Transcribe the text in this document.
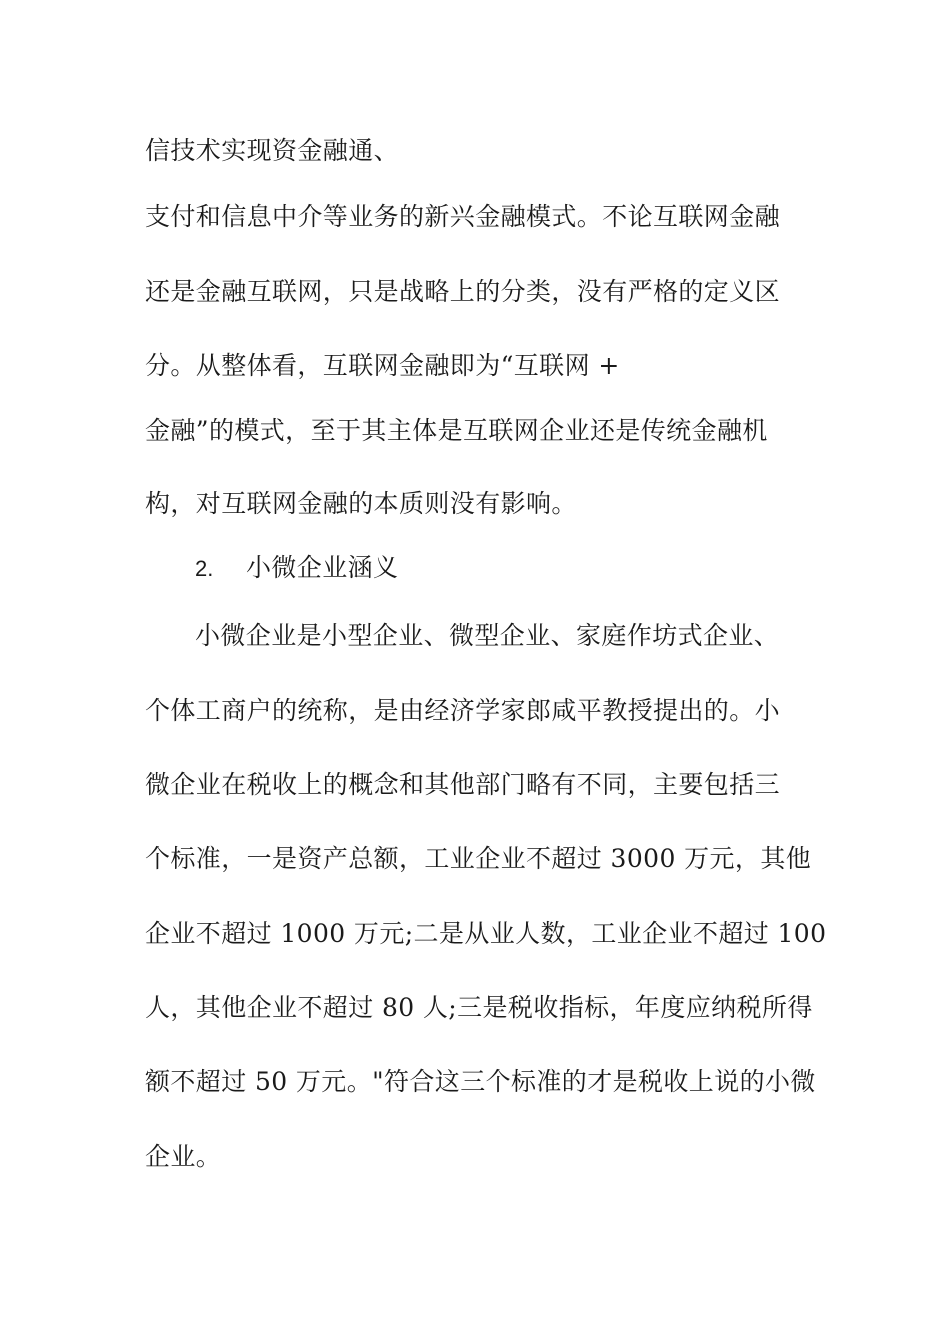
信技术实现资金融通、
支付和信息中介等业务的新兴金融模式。不论互联网金融
还是金融互联网，只是战略上的分类，没有严格的定义区
分。从整体看，互联网金融即为“互联网 +
金融”的模式，至于其主体是互联网企业还是传统金融机
构，对互联网金融的本质则没有影响。
2. 小微企业涵义
小微企业是小型企业、微型企业、家庭作坊式企业、
个体工商户的统称，是由经济学家郎咸平教授提出的。小
微企业在税收上的概念和其他部门略有不同，主要包括三
个标准，一是资产总额，工业企业不超过 3000 万元，其他
企业不超过 1000 万元;二是从业人数，工业企业不超过 100
人，其他企业不超过 80 人;三是税收指标，年度应纳税所得
额不超过 50 万元。"符合这三个标准的才是税收上说的小微
企业。
